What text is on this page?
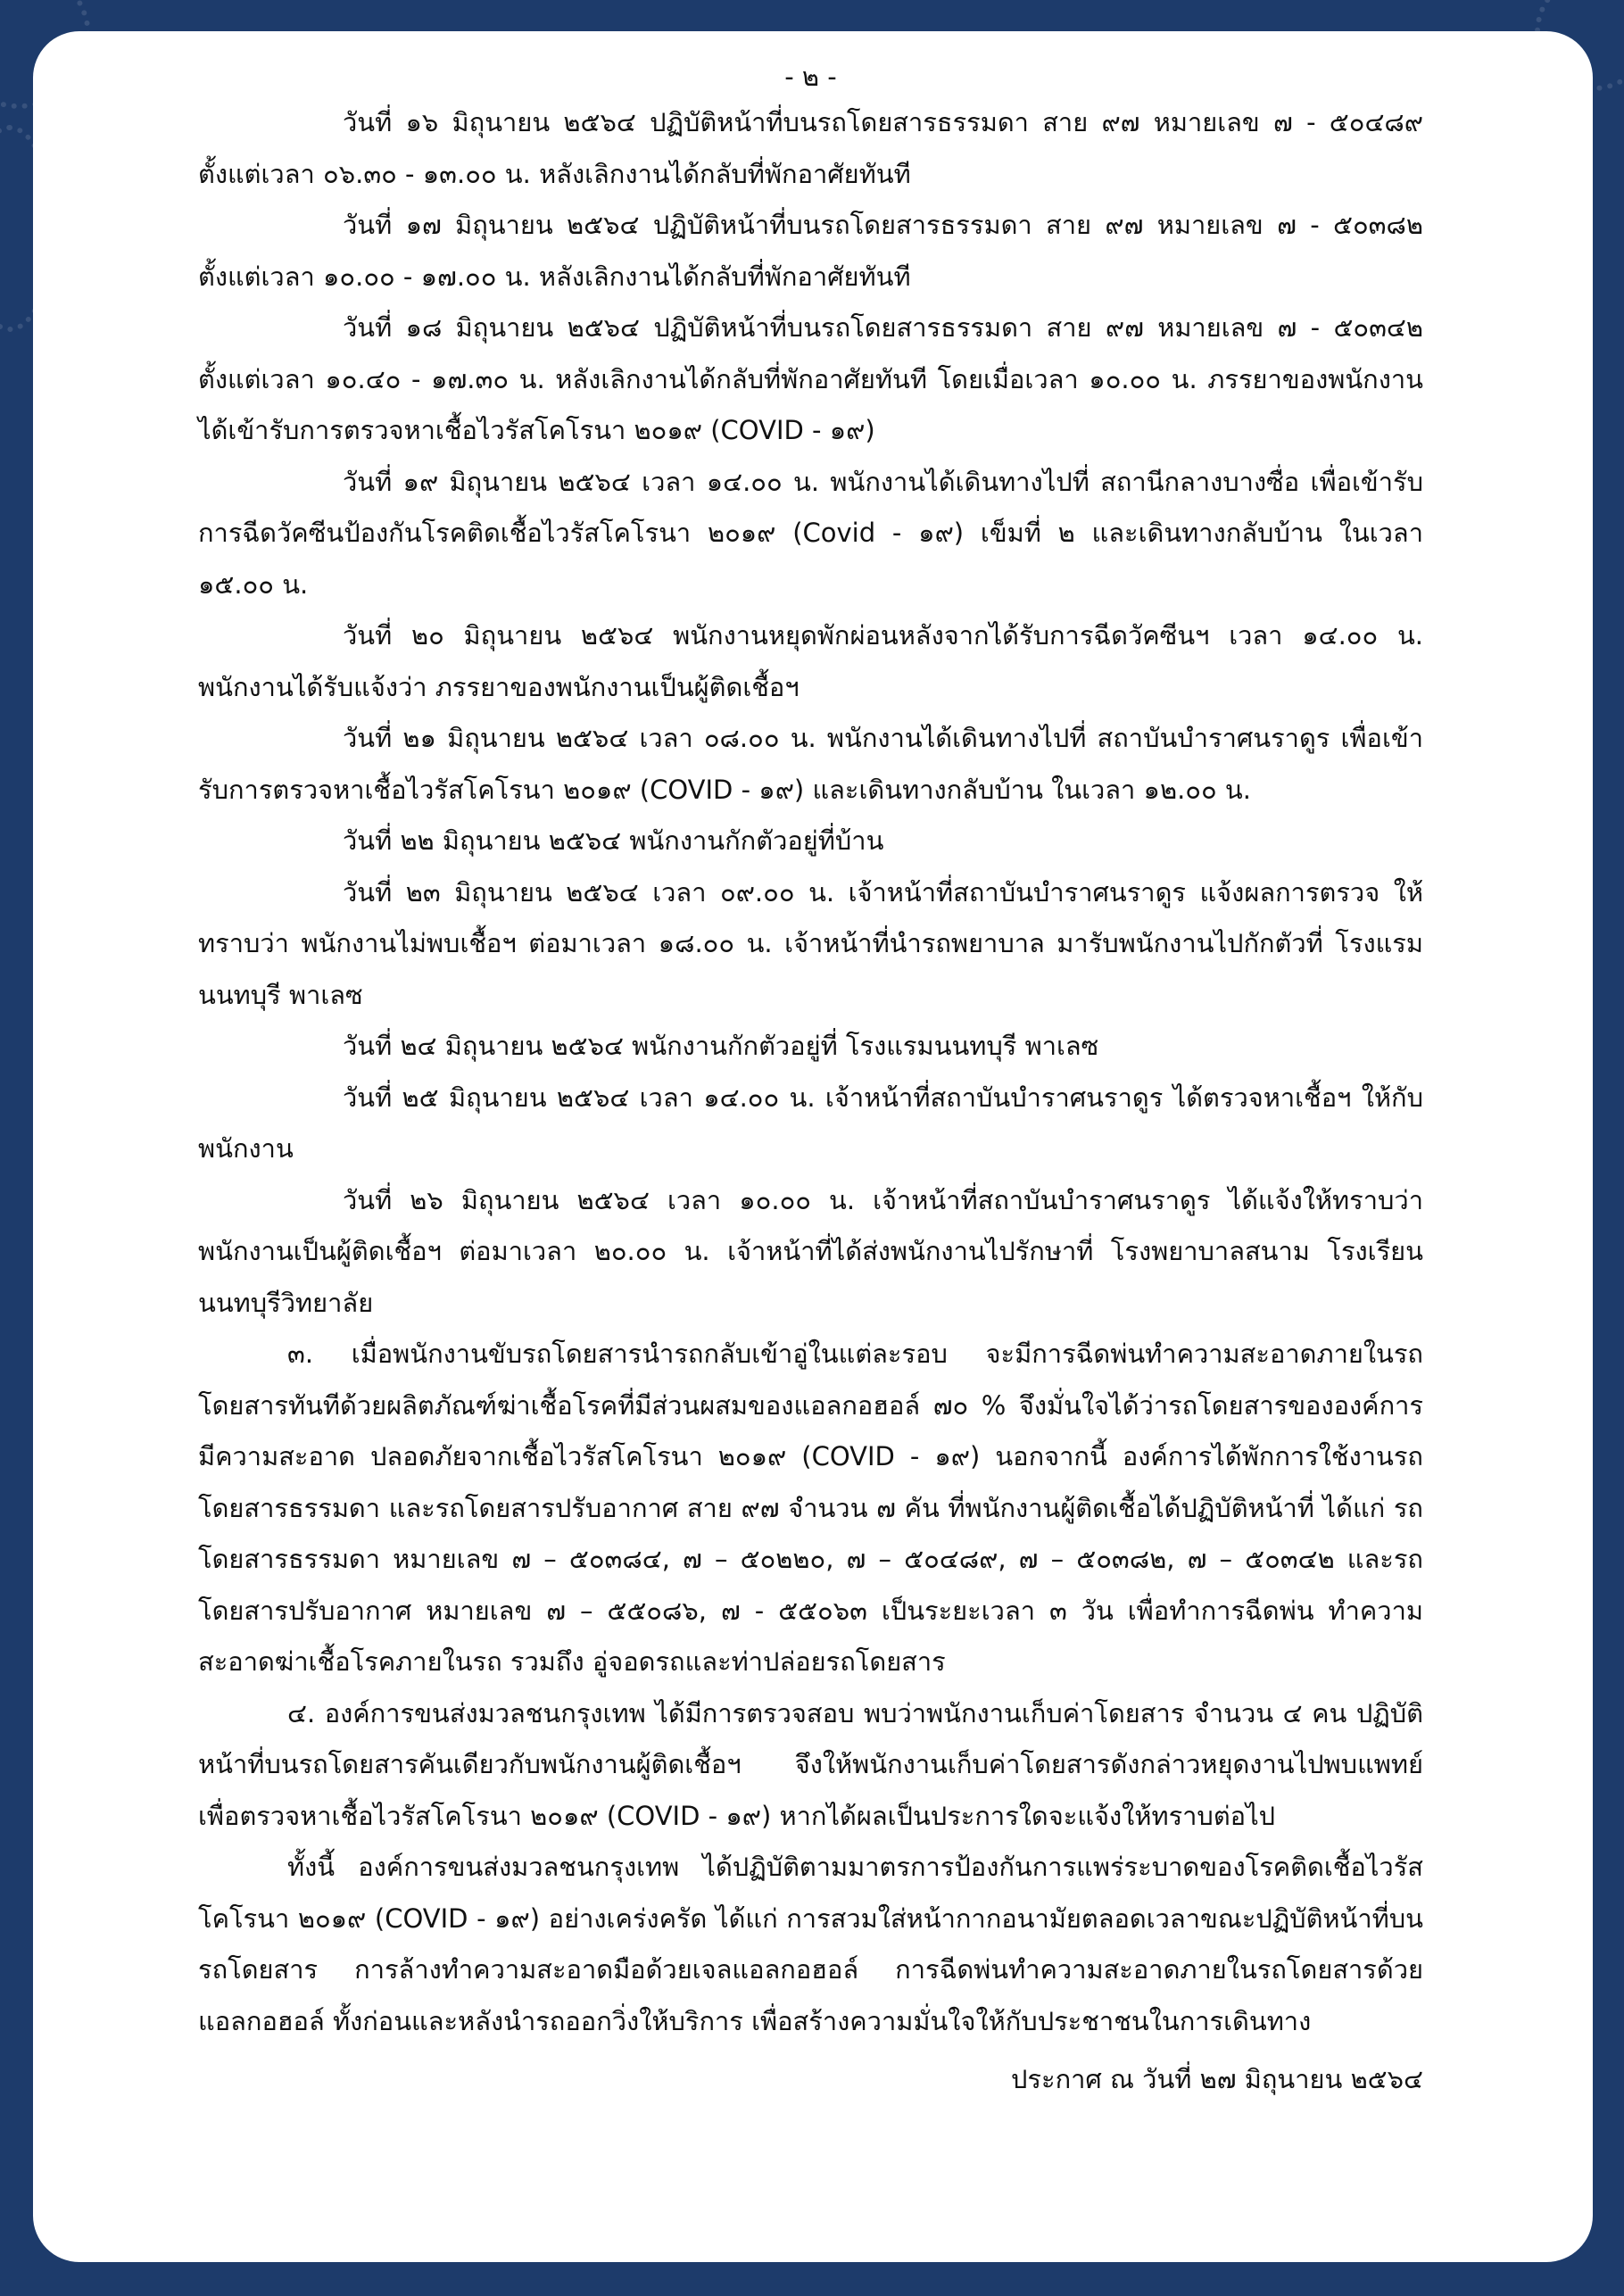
- ๒ -

วันที่ ๑๖ มิถุนายน ๒๕๖๔ ปฏิบัติหน้าที่บนรถโดยสารธรรมดา สาย ๙๗ หมายเลข ๗ - ๕๐๔๘๙ ตั้งแต่เวลา ๐๖.๓๐ - ๑๓.๐๐ น. หลังเลิกงานได้กลับที่พักอาศัยทันที

วันที่ ๑๗ มิถุนายน ๒๕๖๔ ปฏิบัติหน้าที่บนรถโดยสารธรรมดา สาย ๙๗ หมายเลข ๗ - ๕๐๓๘๒ ตั้งแต่เวลา ๑๐.๐๐ - ๑๗.๐๐ น. หลังเลิกงานได้กลับที่พักอาศัยทันที

วันที่ ๑๘ มิถุนายน ๒๕๖๔ ปฏิบัติหน้าที่บนรถโดยสารธรรมดา สาย ๙๗ หมายเลข ๗ - ๕๐๓๔๒ ตั้งแต่เวลา ๑๐.๔๐ - ๑๗.๓๐ น. หลังเลิกงานได้กลับที่พักอาศัยทันที โดยเมื่อเวลา ๑๐.๐๐ น. ภรรยาของพนักงาน ได้เข้ารับการตรวจหาเชื้อไวรัสโคโรนา ๒๐๑๙ (COVID - ๑๙)

วันที่ ๑๙ มิถุนายน ๒๕๖๔ เวลา ๑๔.๐๐ น. พนักงานได้เดินทางไปที่ สถานีกลางบางซื่อ เพื่อเข้ารับการฉีดวัคซีนป้องกันโรคติดเชื้อไวรัสโคโรนา ๒๐๑๙ (Covid - ๑๙) เข็มที่ ๒ และเดินทางกลับบ้าน ในเวลา ๑๕.๐๐ น.

วันที่ ๒๐ มิถุนายน ๒๕๖๔ พนักงานหยุดพักผ่อนหลังจากได้รับการฉีดวัคซีนฯ เวลา ๑๔.๐๐ น. พนักงานได้รับแจ้งว่า ภรรยาของพนักงานเป็นผู้ติดเชื้อฯ

วันที่ ๒๑ มิถุนายน ๒๕๖๔ เวลา ๐๘.๐๐ น. พนักงานได้เดินทางไปที่ สถาบันบำราศนราดูร เพื่อเข้ารับการตรวจหาเชื้อไวรัสโคโรนา ๒๐๑๙ (COVID - ๑๙) และเดินทางกลับบ้าน ในเวลา ๑๒.๐๐ น.

วันที่ ๒๒ มิถุนายน ๒๕๖๔ พนักงานกักตัวอยู่ที่บ้าน

วันที่ ๒๓ มิถุนายน ๒๕๖๔ เวลา ๐๙.๐๐ น. เจ้าหน้าที่สถาบันบำราศนราดูร แจ้งผลการตรวจ ให้ทราบว่า พนักงานไม่พบเชื้อฯ ต่อมาเวลา ๑๘.๐๐ น. เจ้าหน้าที่นำรถพยาบาล มารับพนักงานไปกักตัวที่ โรงแรมนนทบุรี พาเลซ

วันที่ ๒๔ มิถุนายน ๒๕๖๔ พนักงานกักตัวอยู่ที่ โรงแรมนนทบุรี พาเลซ

วันที่ ๒๕ มิถุนายน ๒๕๖๔ เวลา ๑๔.๐๐ น. เจ้าหน้าที่สถาบันบำราศนราดูร ได้ตรวจหาเชื้อฯ ให้กับพนักงาน

วันที่ ๒๖ มิถุนายน ๒๕๖๔ เวลา ๑๐.๐๐ น. เจ้าหน้าที่สถาบันบำราศนราดูร ได้แจ้งให้ทราบว่า พนักงานเป็นผู้ติดเชื้อฯ ต่อมาเวลา ๒๐.๐๐ น. เจ้าหน้าที่ได้ส่งพนักงานไปรักษาที่ โรงพยาบาลสนาม โรงเรียน นนทบุรีวิทยาลัย

๓. เมื่อพนักงานขับรถโดยสารนำรถกลับเข้าอู่ในแต่ละรอบ จะมีการฉีดพ่นทำความสะอาดภายในรถโดยสารทันทีด้วยผลิตภัณฑ์ฆ่าเชื้อโรคที่มีส่วนผสมของแอลกอฮอล์ ๗๐ % จึงมั่นใจได้ว่ารถโดยสารขององค์การมีความสะอาด ปลอดภัยจากเชื้อไวรัสโคโรนา ๒๐๑๙ (COVID - ๑๙) นอกจากนี้ องค์การได้พักการใช้งานรถโดยสารธรรมดา และรถโดยสารปรับอากาศ สาย ๙๗ จำนวน ๗ คัน ที่พนักงานผู้ติดเชื้อได้ปฏิบัติหน้าที่ ได้แก่ รถโดยสารธรรมดา หมายเลข ๗ – ๕๐๓๘๔, ๗ – ๕๐๒๒๐, ๗ – ๕๐๔๘๙, ๗ – ๕๐๓๘๒, ๗ – ๕๐๓๔๒ และรถโดยสารปรับอากาศ หมายเลข ๗ – ๕๕๐๘๖, ๗ - ๕๕๐๖๓ เป็นระยะเวลา ๓ วัน เพื่อทำการฉีดพ่น ทำความสะอาดฆ่าเชื้อโรคภายในรถ รวมถึง อู่จอดรถและท่าปล่อยรถโดยสาร

๔. องค์การขนส่งมวลชนกรุงเทพ ได้มีการตรวจสอบ พบว่าพนักงานเก็บค่าโดยสาร จำนวน ๔ คน ปฏิบัติหน้าที่บนรถโดยสารคันเดียวกับพนักงานผู้ติดเชื้อฯ จึงให้พนักงานเก็บค่าโดยสารดังกล่าวหยุดงานไปพบแพทย์ เพื่อตรวจหาเชื้อไวรัสโคโรนา ๒๐๑๙ (COVID - ๑๙) หากได้ผลเป็นประการใดจะแจ้งให้ทราบต่อไป

ทั้งนี้ องค์การขนส่งมวลชนกรุงเทพ ได้ปฏิบัติตามมาตรการป้องกันการแพร่ระบาดของโรคติดเชื้อไวรัสโคโรนา ๒๐๑๙ (COVID - ๑๙) อย่างเคร่งครัด ได้แก่ การสวมใส่หน้ากากอนามัยตลอดเวลาขณะปฏิบัติหน้าที่บนรถโดยสาร การล้างทำความสะอาดมือด้วยเจลแอลกอฮอล์ การฉีดพ่นทำความสะอาดภายในรถโดยสารด้วยแอลกอฮอล์ ทั้งก่อนและหลังนำรถออกวิ่งให้บริการ เพื่อสร้างความมั่นใจให้กับประชาชนในการเดินทาง

ประกาศ ณ วันที่ ๒๗ มิถุนายน ๒๕๖๔
